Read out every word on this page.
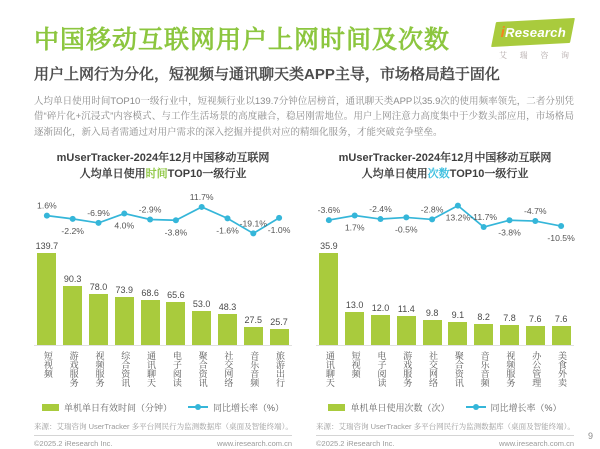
中国移动互联网用户上网时间及次数	iResearch
艾 瑞 咨 询
用户上网行为分化，短视频与通讯聊天类APP主导，市场格局趋于固化

人均单日使用时间TOP10一级行业中，短视频行业以139.7分钟位居榜首，通讯聊天类APP以35.9次的使用频率领先，二者分别凭借“碎片化+沉浸式”内容模式、与工作生活场景的高度融合，稳居刚需地位。用户上网注意力高度集中于少数头部应用，市场格局逐渐固化，新入局者需通过对用户需求的深入挖掘并提供对应的精细化服务，才能突破竞争壁垒。

mUserTracker-2024年12月中国移动互联网
人均单日使用时间TOP10一级行业
1.6%
-2.2%
-6.9%
4.0%
-2.9%
-3.8%
11.7%
-1.6%
-19.1%
-1.0%
139.7
90.3
78.0 73.9 68.6 65.6
53.0 48.3
27.5 25.7
短视频 游戏服务 视频服务 综合资讯 通讯聊天 电子阅读 聚合资讯 社交网络 音乐音频 旅游出行
单机单日有效时间（分钟）	同比增长率（%）
来源：艾瑞咨询 UserTracker 多平台网民行为监测数据库（桌面及智能终端）。
©2025.2 iResearch Inc.	www.iresearch.com.cn
mUserTracker-2024年12月中国移动互联网
人均单日使用次数TOP10一级行业
-3.6%
1.7%
-2.4%
-0.5%
-2.8%
13.2% -11.7%
-3.8%
-4.7%
-10.5%
35.9
13.0 12.0 11.4 9.8 9.1 8.2 7.8 7.6 7.6
通讯聊天 短视频 电子阅读 游戏服务 社交网络 聚合资讯 音乐音频 视频服务 办公管理 美食外卖
单机单日使用次数（次）	同比增长率（%）
来源：艾瑞咨询 UserTracker 多平台网民行为监测数据库（桌面及智能终端）。
©2025.2 iResearch Inc.	www.iresearch.com.cn
9
